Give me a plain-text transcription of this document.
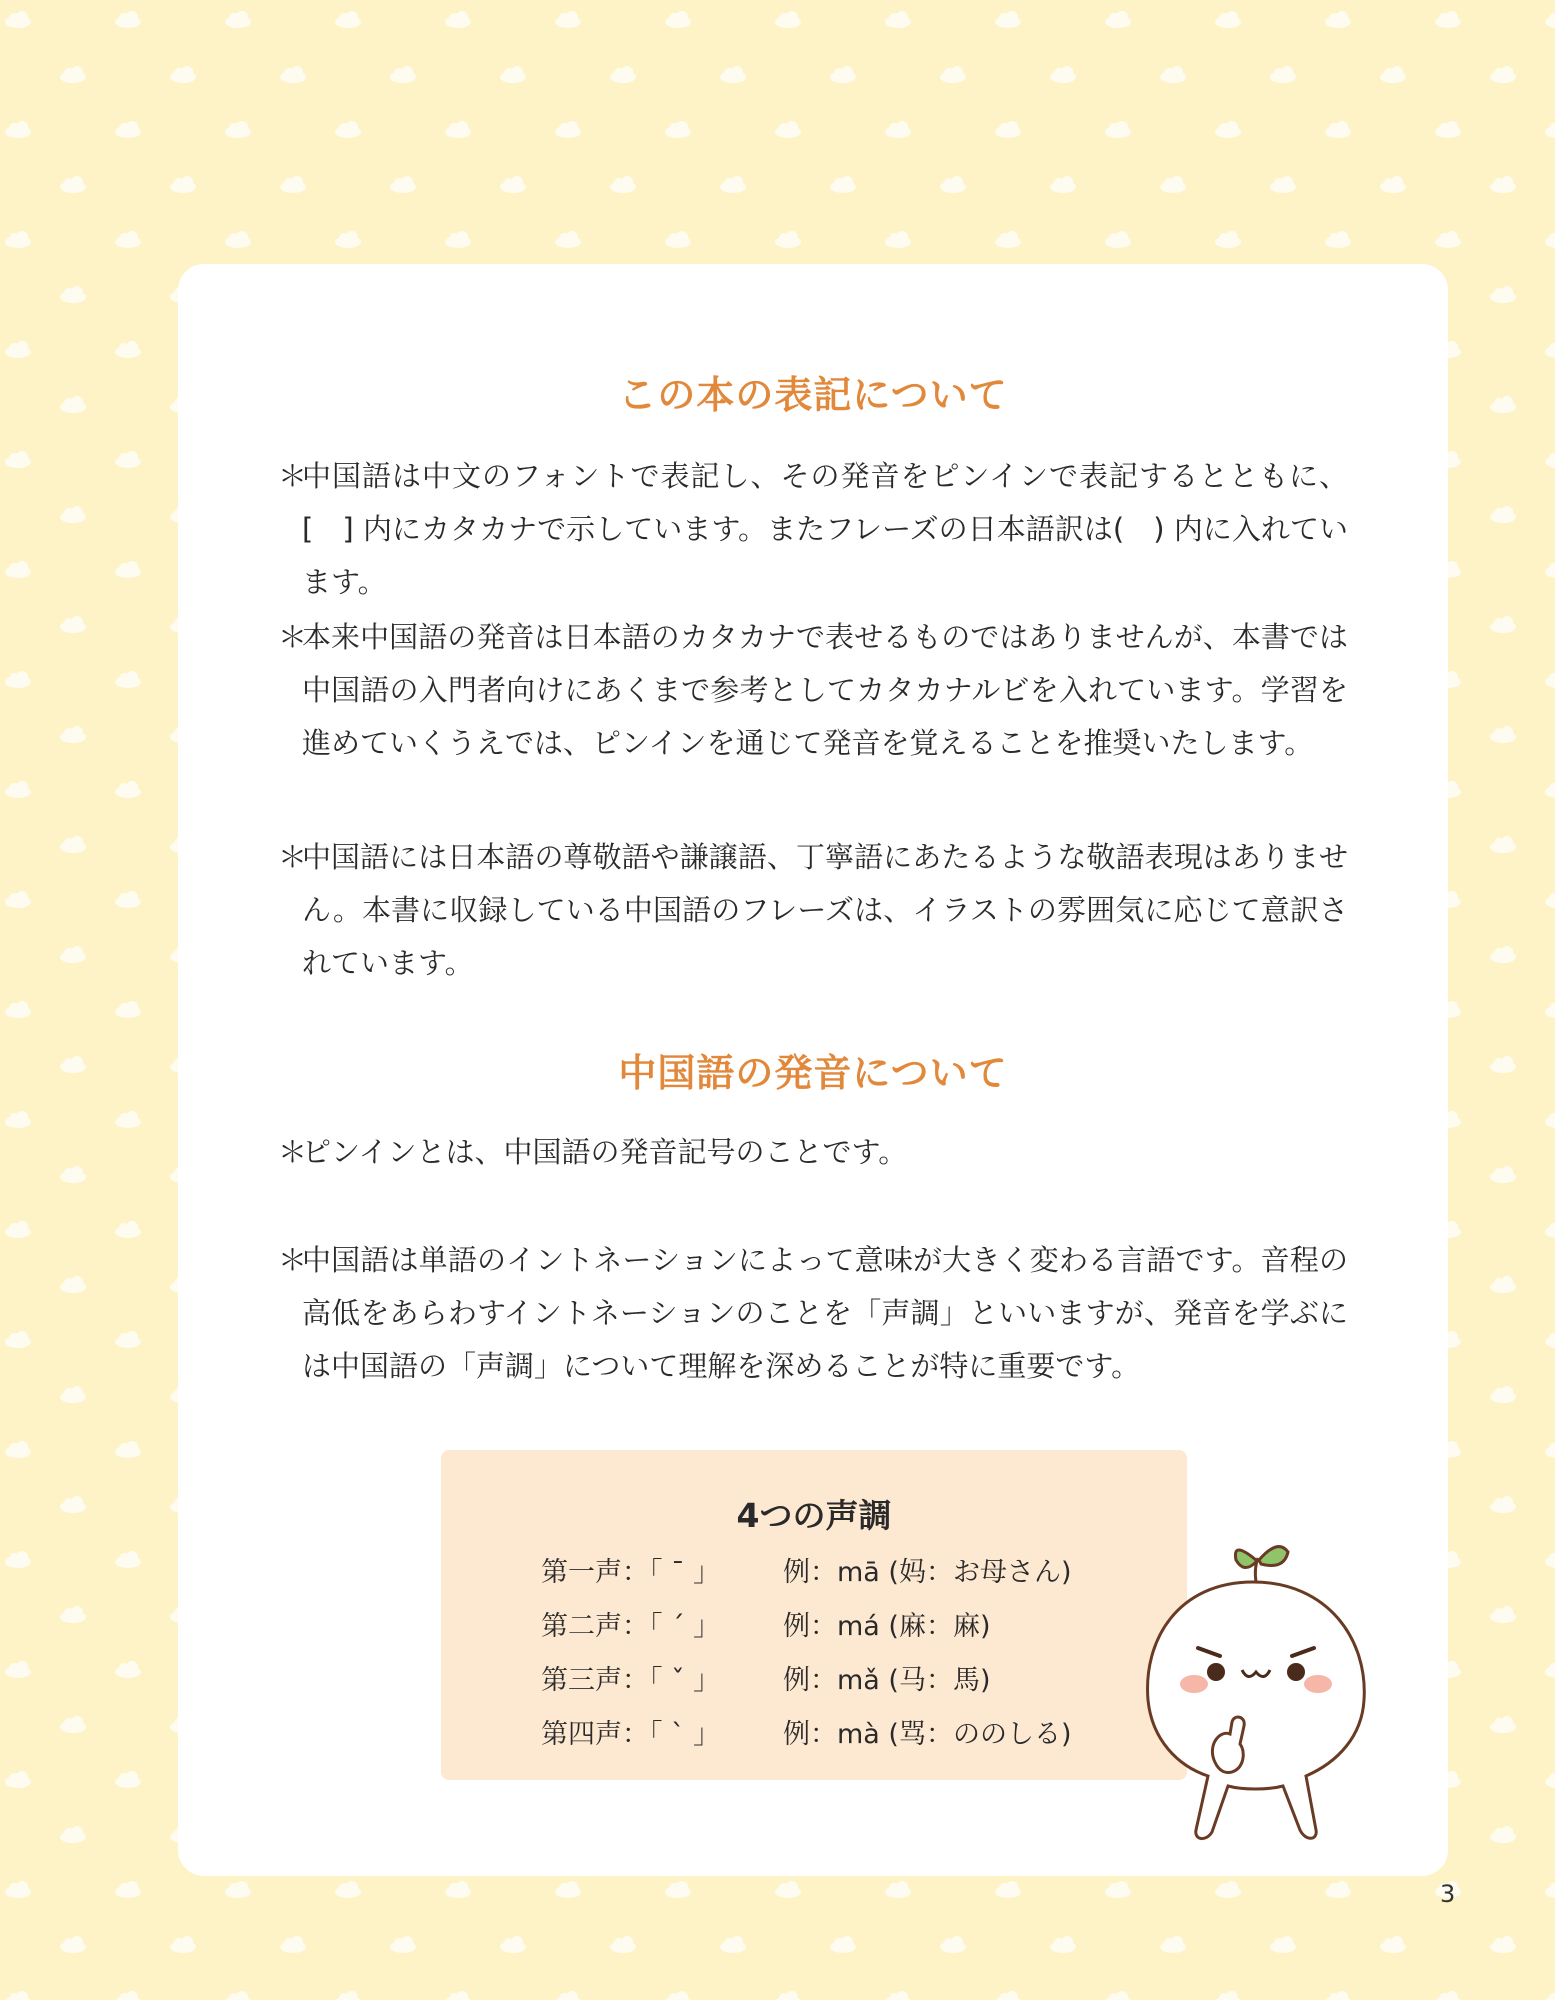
この本の表記について
＊
中国語は中文のフォントで表記し、その発音をピンインで表記するとともに、[　] 内にカタカナで示しています。またフレーズの日本語訳は(　) 内に入れています。
＊
本来中国語の発音は日本語のカタカナで表せるものではありませんが、本書では中国語の入門者向けにあくまで参考としてカタカナルビを入れています。学習を進めていくうえでは、ピンインを通じて発音を覚えることを推奨いたします。
＊
中国語には日本語の尊敬語や謙譲語、丁寧語にあたるような敬語表現はありません。本書に収録している中国語のフレーズは、イラストの雰囲気に応じて意訳されています。
中国語の発音について
＊
ピンインとは、中国語の発音記号のことです。
＊
中国語は単語のイントネーションによって意味が大きく変わる言語です。音程の高低をあらわすイントネーションのことを「声調」といいますが、発音を学ぶには中国語の「声調」について理解を深めることが特に重要です。
4つの声調
第一声：「 ˉ 」	例：mā (妈：お母さん)
第二声：「 ˊ 」	例：má (麻：麻)
第三声：「 ˇ 」	例：mǎ (马：馬)
第四声：「 ˋ 」	例：mà (骂：ののしる)
3
